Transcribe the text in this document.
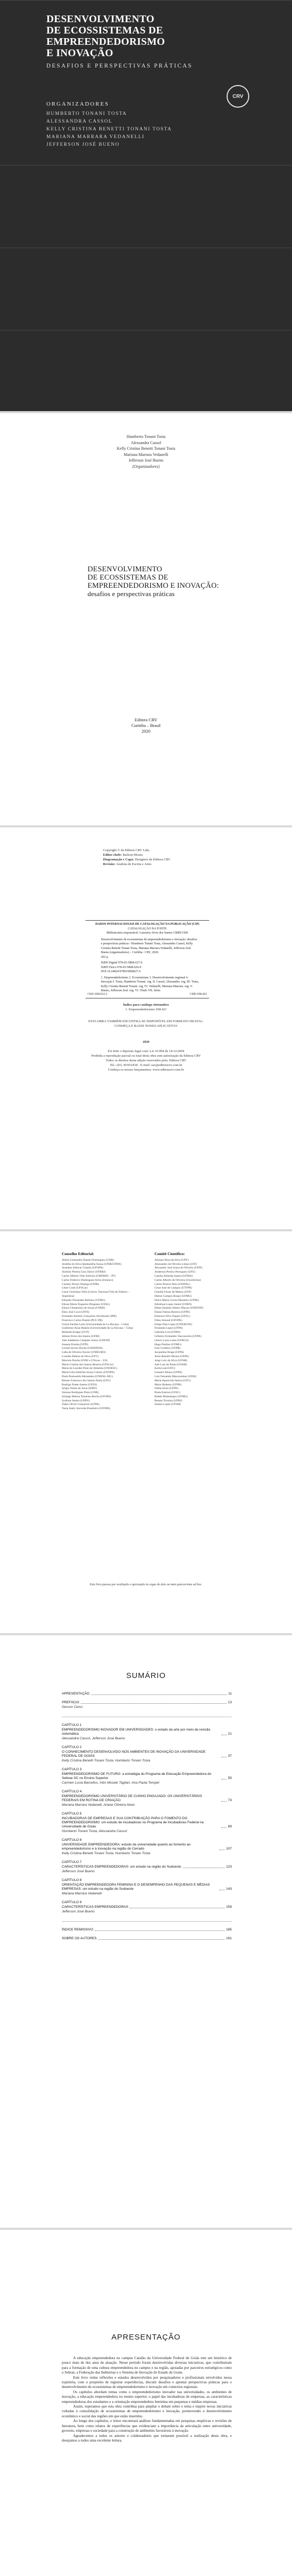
DESENVOLVIMENTO
DE ECOSSISTEMAS DE
EMPREENDEDORISMO
E INOVAÇÃO
DESAFIOS E PERSPECTIVAS PRÁTICAS
CRV
ORGANIZADORES
HUMBERTO TONANI TOSTA
ALESSANDRA CASSOL
KELLY CRISTINA BENETTI TONANI TOSTA
MARIANA MARRARA VEDANELLI
JEFFERSON JOSÉ BUENO
Humberto Tonani Tosta
Alessandra Cassol
Kelly Cristina Benetti Tonani Tosta
Mariana Marrara Vedanelli
Jefferson José Bueno
(Organizadores)
DESENVOLVIMENTO
DE ECOSSISTEMAS DE
EMPREENDEDORISMO E INOVAÇÃO:
desafios e perspectivas práticas
Editora CRV
Curitiba – Brasil
2020
Copyright © da Editora CRV Ltda.
Editor-chefe: Railson Moura
Diagramação e Capa: Designers da Editora CRV
Revisão: Analista de Escrita e Artes
DADOS INTERNACIONAIS DE CATALOGAÇÃO NA PUBLICAÇÃO (CIP)
CATALOGAÇÃO NA FONTE
Bibliotecária responsável: Luzenira Alves dos Santos CRB9/1506
Desenvolvimento de ecossistemas de empreendedorismo e inovação: desafios e perspectivas práticas / Humberto Tonani Tosta, Alessandra Cassol, Kelly Cristina Benetti Tonani Tosta, Mariana Marrara Vedanelli, Jefferson José Bueno (organizadores) – Curitiba : CRV, 2020.
202 p.
ISBN Digital 978-65-5868-627-6
ISBN Físico 978-65-5868-626-9
DOI 10.24824/978655868627.6
1. Empreendedorismo 2. Ecossistemas 3. Desenvolvimento regional 4. Inovação I. Tosta, Humberto Tonani. org. II. Cassol, Alessandra. org. III. Tosta, Kelly Cristina Benetti Tonani. org. IV. Vedanelli, Mariana Marrara. org. V. Bueno, Jefferson José. org. VI. Título VII. Série.
CDU 658.012.2	CDD 658.421
Índice para catálogo sistemático
1. Empreendedorismo 658.421
ESTA OBRA TAMBÉM ENCONTRA-SE DISPONÍVEL EM FORMATO DIGITAL.
CONHEÇA E BAIXE NOSSO APLICATIVO!
2020
Foi feito o depósito legal conf. Lei 10.994 de 14/12/2004
Proibida a reprodução parcial ou total desta obra sem autorização da Editora CRV
Todos os direitos desta edição reservados pela: Editora CRV
Tel.: (41) 3039-6418 - E-mail: sac@editoracrv.com.br
Conheça os nossos lançamentos: www.editoracrv.com.br
Conselho Editorial:
Aldira Guimarães Duarte Domínguez (UNB)
Andréia da Silva Quintanilha Sousa (UNIR/UFRN)
Anselmo Alencar Colares (UFOPA)
Antônio Pereira Gaio Júnior (UFRRJ)
Carlos Alberto Vilar Estêvão (UMINHO – PT)
Carlos Federico Dominguez Avila (Unieuro)
Carmen Tereza Velanga (UNIR)
Celso Conti (UFSCar)
Cesar Gerónimo Tello (Univer. Nacional Três de Febrero – Argentina)
Eduardo Fernandes Barbosa (UFMG)
Elione Maria Nogueira Diogenes (UFAL)
Elizeu Clementino de Souza (UNEB)
Élsio José Corá (UFFS)
Fernando Antônio Gonçalves Alcoforado (IPB)
Francisco Carlos Duarte (PUC-PR)
Gloria Fariñas León (Universidade de La Havana – Cuba)
Guillermo Arias Beatón (Universidade de La Havana – Cuba)
Helmuth Krüger (UCP)
Jailson Alves dos Santos (UFRJ)
João Adalberto Campato Junior (UNESP)
Josania Portela (UFPI)
Leonel Severo Rocha (UNISINOS)
Lídia de Oliveira Xavier (UNIEURO)
Lourdes Helena da Silva (UFV)
Marcelo Paixão (UFRJ e UTexas – US)
Maria Cristina dos Santos Bezerra (UFSCar)
Maria de Lourdes Pinto de Almeida (UNOESC)
Maria Lília Imbiriba Sousa Colares (UFOPA)
Paulo Romualdo Hernandes (UNIFAL-MG)
Renato Francisco dos Santos Paula (UFG)
Rodrigo Pratte-Santos (UFES)
Sérgio Nunes de Jesus (IFRO)
Simone Rodrigues Pinto (UNB)
Solange Helena Ximenes-Rocha (UFOPA)
Sydione Santos (UEPG)
Tadeu Oliver Gonçalves (UFPA)
Tania Suely Azevedo Brasileiro (UFOPA)
Comitê Científico:
Adriano Rosa da Silva (UFF)
Alessandro de Oliveira Limas (UFF)
Alexandre José Sousa de Oliveira (UFPI)
Anderson Pereira Portuguez (UFU)
Camila Almeida Santos (UFMA)
Carlos Alberto de Oliveira (Unichristus)
Carlos Pereira Neto (UNIFAL)
Cesar José de Campos (UTFPR)
Claudia Farias de Mattos (UFF)
Dalton Campos Roque (UFMG)
Dulce Maria Correa Monteiro (UFPA)
Edmilson Lopes Junior (UFRN)
Elbert Einstein Nehrer Macau (UNIFESP)
Eliane Fátima Bezerra (UFPE)
Emerson Silva Taques (UFSC)
Fábio Amaral (UFOPA)
Felipe Dias Lopes (UNIOESTE)
Fernanda Lopes (UFPA)
Gabriela Lira (UFRN)
Gilberto Fernandes Vasconcelos (UFPA)
Gleice Luzia Leme (UFRGS)
Hugo Paulino (UFMG)
Ivan Cordeiro (UFPR)
Jacqueline Braga (UFPA)
Jesús Ranulfo Moura (UEPA)
Jorge Luiz da Silva (UFSM)
José Luiz de Paula (UFAM)
Karla Leal (UFU)
Leandro Moura (UFPE)
Luís Fernando Mascarenhas (UFRJ)
Maria Aparecida Santos (UFU)
Mario Roberto (UFPR)
Nádia Alves (UFPE)
Paula Esteves (UFSC)
Rafael Montenegro (UFMG)
Renato Teixeira (UFRJ)
Sandra Lopes (UFSM)
Este livro passou por avaliação e aprovação às cegas de dois ou mais pareceristas ad hoc.
SUMÁRIO
APRESENTAÇÃO	11
PREFÁCIO	13
Gerson Cenci
CAPÍTULO 1
EMPREENDEDORISMO INOVADOR EM UNIVERSIDADES: o estado da arte por meio de revisão sistemática	21
Alessandra Cassol, Jefferson José Bueno
CAPÍTULO 2
O CONHECIMENTO DESENVOLVIDO NOS AMBIENTES DE INOVAÇÃO DA UNIVERSIDADE FEDERAL DE GOIÁS	37
Kelly Cristina Benetti Tonani Tosta, Humberto Tonani Tosta
CAPÍTULO 3
EMPREENDEDORISMO DE FUTURO: a estratégia do Programa de Educação Empreendedora do Sebrae SC no Ensino Superior	55
Carmen Lucia Barcellos, Inês Mosele Tagliari, Ana Paula Tempel
CAPÍTULO 4
EMPREENDEDORISMO UNIVERSITÁRIO DE CUNHO ENGAJADO: OS UNIVERSITÁRIOS FEDERAIS EM ROTINA DE CRIAÇÃO	73
Mariana Marrara Vedanelli, Ariane Oliveira Alves
CAPÍTULO 5
INCUBADORAS DE EMPRESAS E SUA CONTRIBUIÇÃO PARA O FOMENTO DO EMPREENDEDORISMO: um estudo de incubadoras no Programa de Incubadoras Federal na Universidade de Goiás	89
Humberto Tonani Tosta, Alessandra Cassol
CAPÍTULO 6
UNIVERSIDADE EMPREENDEDORA: estudo da universidade quanto ao fomento ao empreendedorismo e à inovação na região do Cerrado	107
Kelly Cristina Benetti Tonani Tosta, Humberto Tonani Tosta
CAPÍTULO 7
CARACTERÍSTICAS EMPREENDEDORAS: um estudo na região do Sudoeste	123
Jefferson José Bueno
CAPÍTULO 8
ORIENTAÇÃO EMPREENDEDORA FEMININA E O DESEMPENHO DAS PEQUENAS E MÉDIAS EMPRESAS: um estudo na região do Sudoeste	143
Mariana Marrara Vedanelli
CAPÍTULO 9
CARACTERÍSTICAS EMPREENDEDORAS	159
Jefferson José Bueno
ÍNDICE REMISSIVO	185
SOBRE OS AUTORES	191
APRESENTAÇÃO

A educação empreendedora no campus Catalão da Universidade Federal de Goiás tem um histórico de pouco mais de dez anos de atuação. Nesse período foram desenvolvidas diversas iniciativas, que contribuíram para a formação de uma cultura empreendedora no campus e na região, apoiadas por parceiros estratégicos como o Sebrae, a Federação das Indústrias e o Sistema de Inovação do Estado de Goiás.

Este livro reúne reflexões e estudos desenvolvidos por pesquisadores e profissionais envolvidos nessa trajetória, com o propósito de registrar experiências, discutir desafios e apontar perspectivas práticas para o desenvolvimento de ecossistemas de empreendedorismo e inovação em contextos regionais.

Os capítulos abordam temas como o empreendedorismo inovador nas universidades, os ambientes de inovação, a educação empreendedora no ensino superior, o papel das incubadoras de empresas, as características empreendedoras dos estudantes e a orientação empreendedora feminina em pequenas e médias empresas.

Assim, esperamos que esta obra contribua para ampliar o debate sobre o tema e inspire novas iniciativas voltadas à consolidação de ecossistemas de empreendedorismo e inovação, promovendo o desenvolvimento econômico e social das regiões em que estão inseridos.

Ao longo dos capítulos, o leitor encontrará análises fundamentadas em pesquisas empíricas e revisões de literatura, bem como relatos de experiências que evidenciam a importância da articulação entre universidade, governo, empresas e sociedade para a construção de ambientes favoráveis à inovação.

Agradecemos a todos os autores e colaboradores que tornaram possível a realização desta obra, e desejamos a todos uma excelente leitura.
